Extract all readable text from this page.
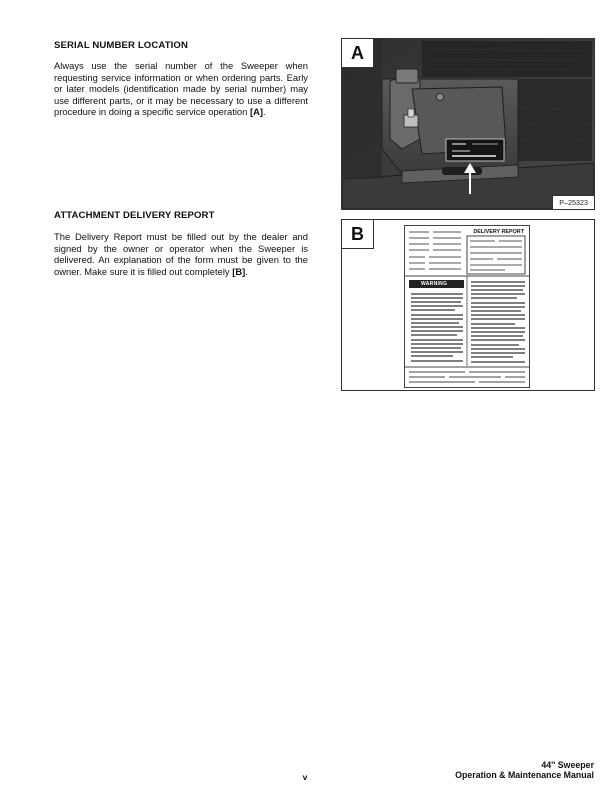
SERIAL NUMBER LOCATION
Always use the serial number of the Sweeper when requesting service information or when ordering parts. Early or later models (identification made by serial number) may use different parts, or it may be necessary to use a different procedure in doing a specific service operation [A].
ATTACHMENT DELIVERY REPORT
The Delivery Report must be filled out by the dealer and signed by the owner or operator when the Sweeper is delivered. An explanation of the form must be given to the owner. Make sure it is filled out completely [B].
A
P–25323
B	DELIVERY REPORT
WARNING
v
44'' Sweeper
Operation & Maintenance Manual
